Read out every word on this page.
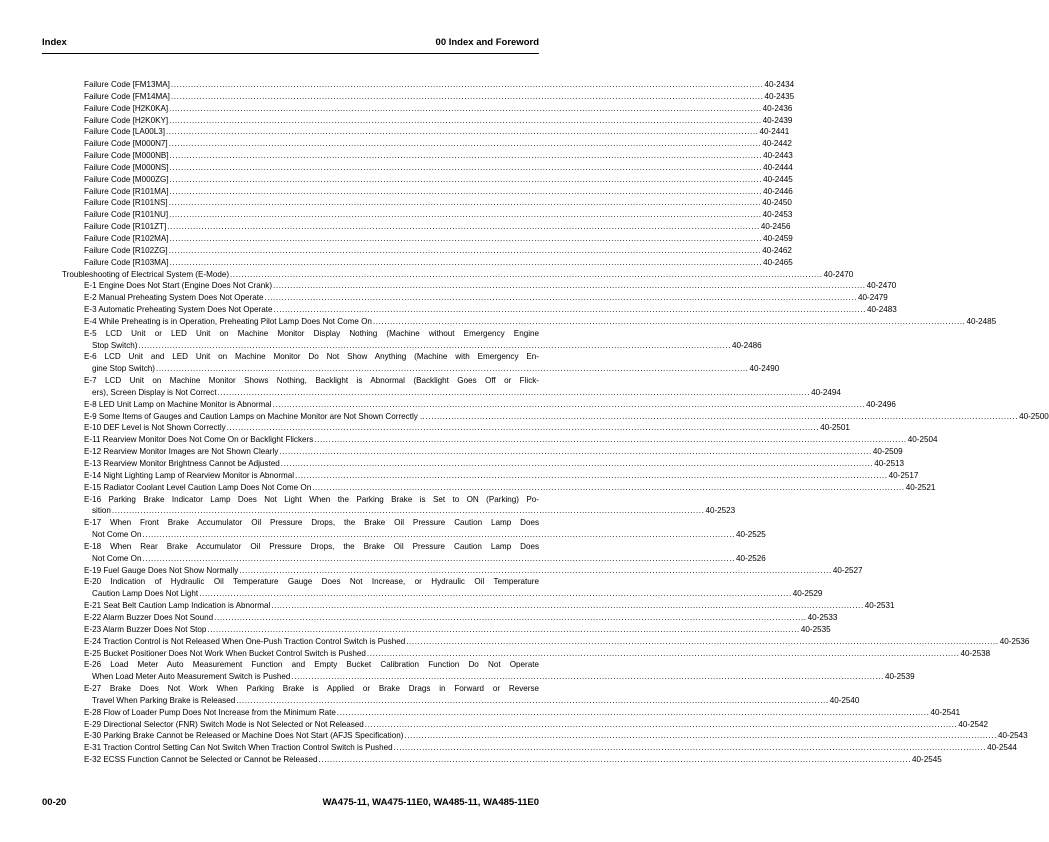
Index	00 Index and Foreword
Failure Code [FM13MA] .....	40-2434
Failure Code [FM14MA] .....	40-2435
Failure Code [H2K0KA] .....	40-2436
Failure Code [H2K0KY] .....	40-2439
Failure Code [LA00L3] .....	40-2441
Failure Code [M000N7] .....	40-2442
Failure Code [M000NB] .....	40-2443
Failure Code [M000NS] .....	40-2444
Failure Code [M000ZG] .....	40-2445
Failure Code [R101MA] .....	40-2446
Failure Code [R101NS] .....	40-2450
Failure Code [R101NU] .....	40-2453
Failure Code [R101ZT] .....	40-2456
Failure Code [R102MA] .....	40-2459
Failure Code [R102ZG] .....	40-2462
Failure Code [R103MA] .....	40-2465
Troubleshooting of Electrical System (E-Mode) .....	40-2470
E-1 Engine Does Not Start (Engine Does Not Crank) .....	40-2470
E-2 Manual Preheating System Does Not Operate .....	40-2479
E-3 Automatic Preheating System Does Not Operate .....	40-2483
E-4 While Preheating is in Operation, Preheating Pilot Lamp Does Not Come On .....	40-2485
E-5 LCD Unit or LED Unit on Machine Monitor Display Nothing (Machine without Emergency Engine
Stop Switch) .....	40-2486
E-6 LCD Unit and LED Unit on Machine Monitor Do Not Show Anything (Machine with Emergency En-
gine Stop Switch) .....	40-2490
E-7 LCD Unit on Machine Monitor Shows Nothing, Backlight is Abnormal (Backlight Goes Off or Flick-
ers), Screen Display is Not Correct .....	40-2494
E-8 LED Unit Lamp on Machine Monitor is Abnormal .....	40-2496
E-9 Some Items of Gauges and Caution Lamps on Machine Monitor are Not Shown Correctly .. .....	40-2500
E-10 DEF Level is Not Shown Correctly .....	40-2501
E-11 Rearview Monitor Does Not Come On or Backlight Flickers .....	40-2504
E-12 Rearview Monitor Images are Not Shown Clearly .....	40-2509
E-13 Rearview Monitor Brightness Cannot be Adjusted .....	40-2513
E-14 Night Lighting Lamp of Rearview Monitor is Abnormal .....	40-2517
E-15 Radiator Coolant Level Caution Lamp Does Not Come On .....	40-2521
E-16 Parking Brake Indicator Lamp Does Not Light When the Parking Brake is Set to ON (Parking) Po-
sition .....	40-2523
E-17 When Front Brake Accumulator Oil Pressure Drops, the Brake Oil Pressure Caution Lamp Does
Not Come On .....	40-2525
E-18 When Rear Brake Accumulator Oil Pressure Drops, the Brake Oil Pressure Caution Lamp Does
Not Come On .....	40-2526
E-19 Fuel Gauge Does Not Show Normally .....	40-2527
E-20 Indication of Hydraulic Oil Temperature Gauge Does Not Increase, or Hydraulic Oil Temperature
Caution Lamp Does Not Light .....	40-2529
E-21 Seat Belt Caution Lamp Indication is Abnormal .....	40-2531
E-22 Alarm Buzzer Does Not Sound .....	40-2533
E-23 Alarm Buzzer Does Not Stop .....	40-2535
E-24 Traction Control is Not Released When One-Push Traction Control Switch is Pushed .....	40-2536
E-25 Bucket Positioner Does Not Work When Bucket Control Switch is Pushed .....	40-2538
E-26 Load Meter Auto Measurement Function and Empty Bucket Calibration Function Do Not Operate
When Load Meter Auto Measurement Switch is Pushed .....	40-2539
E-27 Brake Does Not Work When Parking Brake is Applied or Brake Drags in Forward or Reverse
Travel When Parking Brake is Released .....	40-2540
E-28 Flow of Loader Pump Does Not Increase from the Minimum Rate .....	40-2541
E-29 Directional Selector (FNR) Switch Mode is Not Selected or Not Released .....	40-2542
E-30 Parking Brake Cannot be Released or Machine Does Not Start (AFJS Specification) .....	40-2543
E-31 Traction Control Setting Can Not Switch When Traction Control Switch is Pushed .....	40-2544
E-32 ECSS Function Cannot be Selected or Cannot be Released .....	40-2545
00-20	WA475-11, WA475-11E0, WA485-11, WA485-11E0
